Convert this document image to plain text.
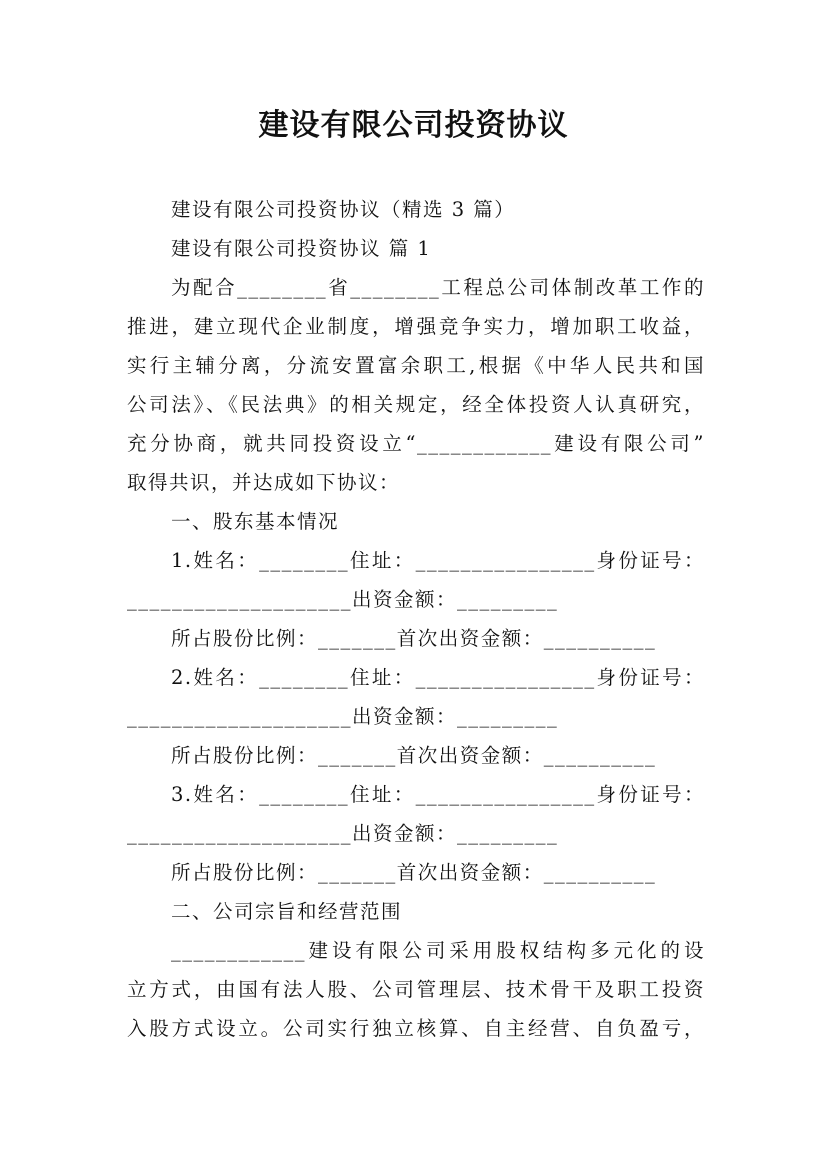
建设有限公司投资协议
建设有限公司投资协议（精选 3 篇）
建设有限公司投资协议 篇 1
为配合________省________工程总公司体制改革工作的
推进，建立现代企业制度，增强竞争实力，增加职工收益，
实行主辅分离，分流安置富余职工,根据《中华人民共和国
公司法》、《民法典》的相关规定，经全体投资人认真研究，
充分协商，就共同投资设立“____________建设有限公司”
取得共识，并达成如下协议：
一、股东基本情况
1.姓名：________住址：________________身份证号：
____________________出资金额：_________
所占股份比例：_______首次出资金额：__________
2.姓名：________住址：________________身份证号：
____________________出资金额：_________
所占股份比例：_______首次出资金额：__________
3.姓名：________住址：________________身份证号：
____________________出资金额：_________
所占股份比例：_______首次出资金额：__________
二、公司宗旨和经营范围
____________建设有限公司采用股权结构多元化的设
立方式，由国有法人股、公司管理层、技术骨干及职工投资
入股方式设立。公司实行独立核算、自主经营、自负盈亏，
